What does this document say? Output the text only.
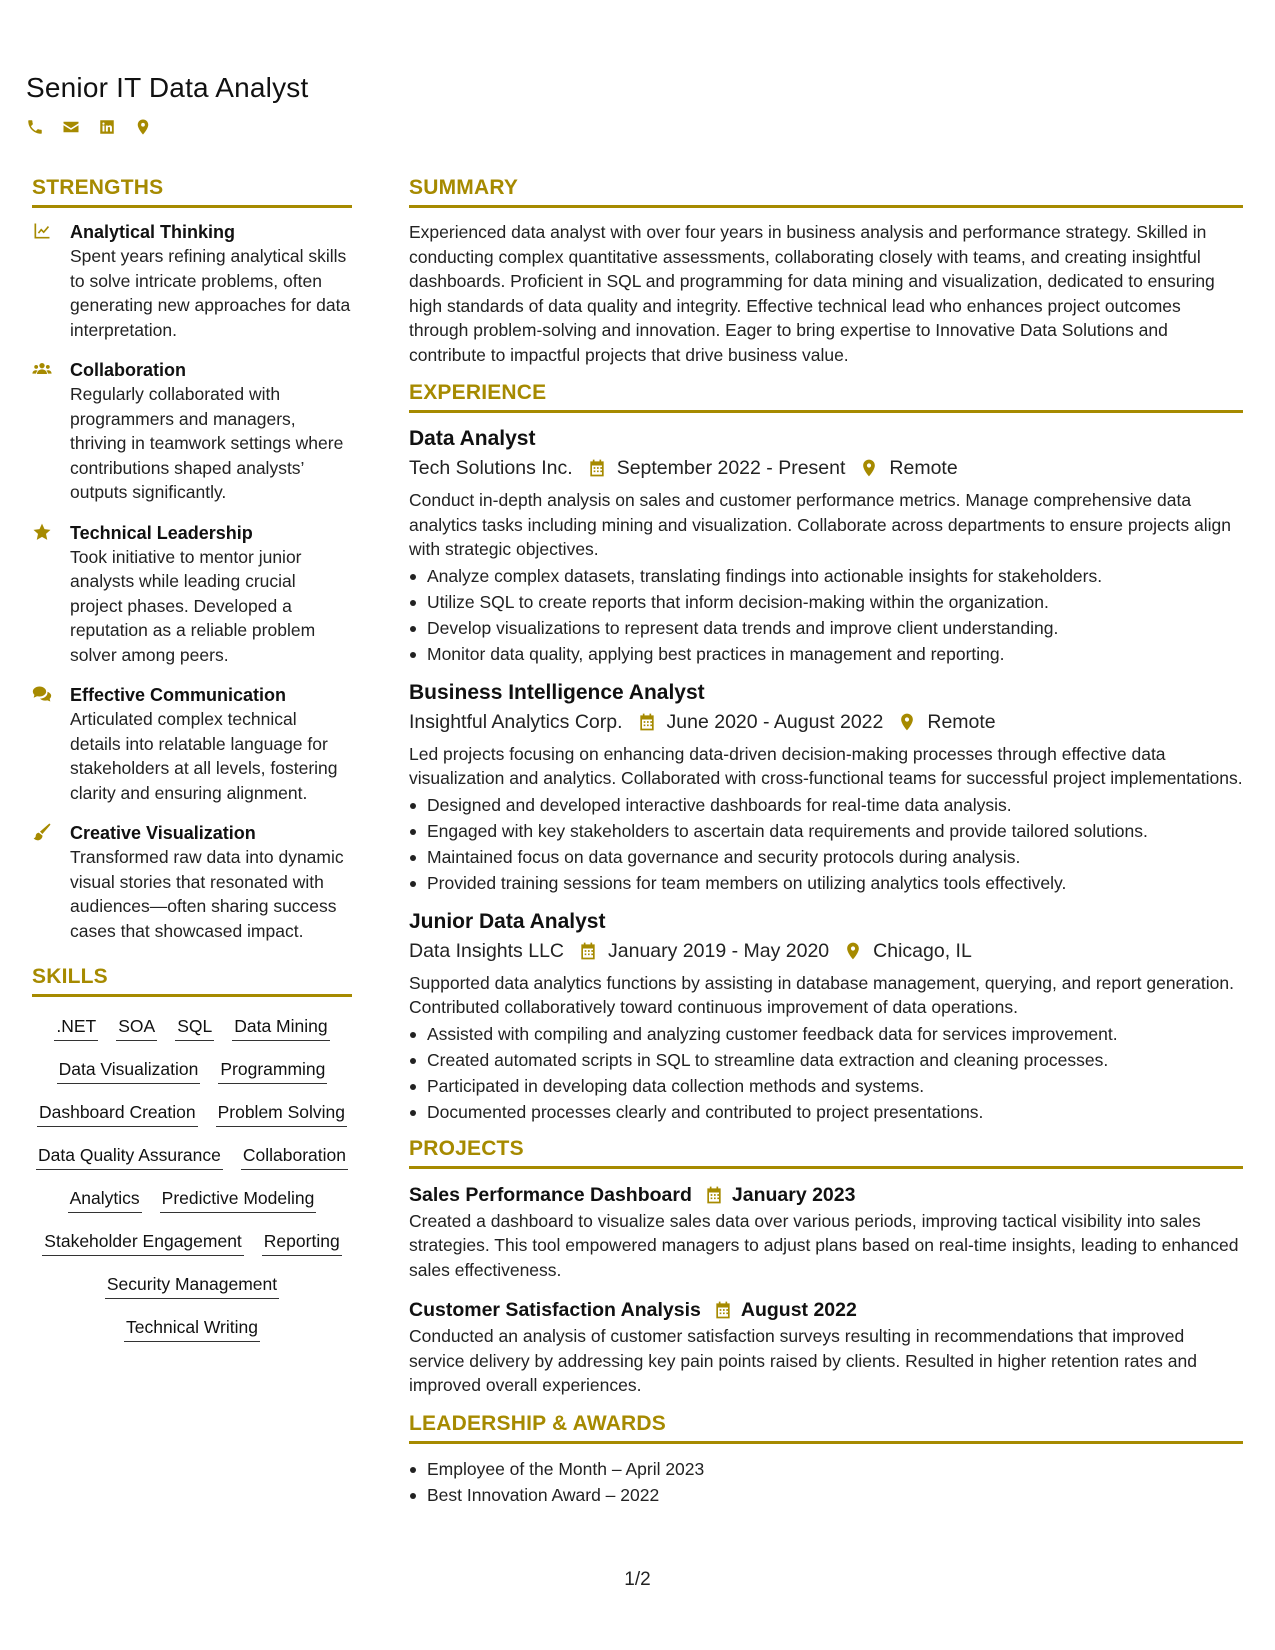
Senior IT Data Analyst
STRENGTHS
Analytical Thinking
Spent years refining analytical skills to solve intricate problems, often generating new approaches for data interpretation.
Collaboration
Regularly collaborated with programmers and managers, thriving in teamwork settings where contributions shaped analysts’ outputs significantly.
Technical Leadership
Took initiative to mentor junior analysts while leading crucial project phases. Developed a reputation as a reliable problem solver among peers.
Effective Communication
Articulated complex technical details into relatable language for stakeholders at all levels, fostering clarity and ensuring alignment.
Creative Visualization
Transformed raw data into dynamic visual stories that resonated with audiences—often sharing success cases that showcased impact.
SKILLS
.NET SOA SQL Data Mining
Data Visualization Programming
Dashboard Creation Problem Solving
Data Quality Assurance Collaboration
Analytics Predictive Modeling
Stakeholder Engagement Reporting
Security Management
Technical Writing
SUMMARY
Experienced data analyst with over four years in business analysis and performance strategy. Skilled in conducting complex quantitative assessments, collaborating closely with teams, and creating insightful dashboards. Proficient in SQL and programming for data mining and visualization, dedicated to ensuring high standards of data quality and integrity. Effective technical lead who enhances project outcomes through problem-solving and innovation. Eager to bring expertise to Innovative Data Solutions and contribute to impactful projects that drive business value.
EXPERIENCE
Data Analyst
Tech Solutions Inc. September 2022 - Present Remote
Conduct in-depth analysis on sales and customer performance metrics. Manage comprehensive data analytics tasks including mining and visualization. Collaborate across departments to ensure projects align with strategic objectives.
Analyze complex datasets, translating findings into actionable insights for stakeholders.
Utilize SQL to create reports that inform decision-making within the organization.
Develop visualizations to represent data trends and improve client understanding.
Monitor data quality, applying best practices in management and reporting.
Business Intelligence Analyst
Insightful Analytics Corp. June 2020 - August 2022 Remote
Led projects focusing on enhancing data-driven decision-making processes through effective data visualization and analytics. Collaborated with cross-functional teams for successful project implementations.
Designed and developed interactive dashboards for real-time data analysis.
Engaged with key stakeholders to ascertain data requirements and provide tailored solutions.
Maintained focus on data governance and security protocols during analysis.
Provided training sessions for team members on utilizing analytics tools effectively.
Junior Data Analyst
Data Insights LLC January 2019 - May 2020 Chicago, IL
Supported data analytics functions by assisting in database management, querying, and report generation. Contributed collaboratively toward continuous improvement of data operations.
Assisted with compiling and analyzing customer feedback data for services improvement.
Created automated scripts in SQL to streamline data extraction and cleaning processes.
Participated in developing data collection methods and systems.
Documented processes clearly and contributed to project presentations.
PROJECTS
Sales Performance Dashboard January 2023
Created a dashboard to visualize sales data over various periods, improving tactical visibility into sales strategies. This tool empowered managers to adjust plans based on real-time insights, leading to enhanced sales effectiveness.
Customer Satisfaction Analysis August 2022
Conducted an analysis of customer satisfaction surveys resulting in recommendations that improved service delivery by addressing key pain points raised by clients. Resulted in higher retention rates and improved overall experiences.
LEADERSHIP & AWARDS
Employee of the Month – April 2023
Best Innovation Award – 2022
1/2
